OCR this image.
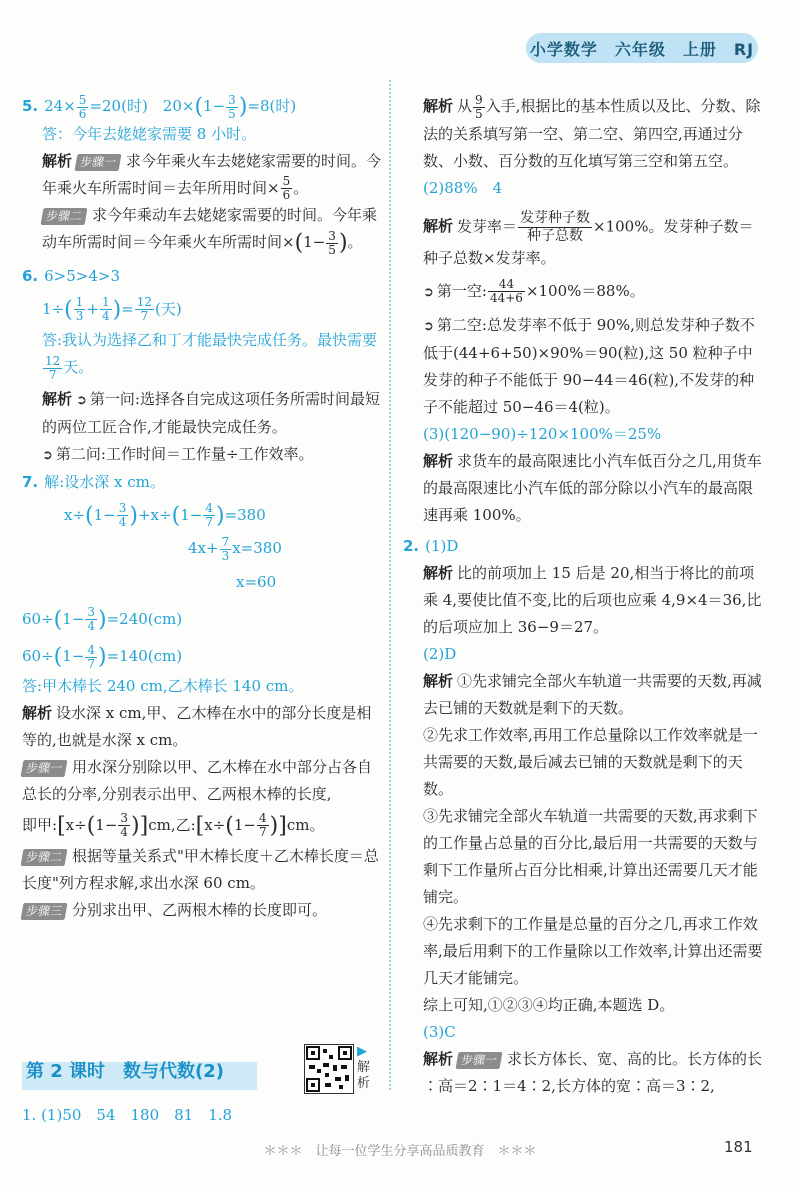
小学数学　六年级　上册　RJ

5. $24\times \frac{5}{6} =20$(时)　$20\times(1- \frac{3}{5} )=8$(时)

答：今年去姥姥家需要 8 小时。

解析 步骤一 求今年乘火车去姥姥家需要的时间。今年乘火车所需时间＝去年所用时间× $\frac{5}{6}$ 。

步骤二 求今年乘动车去姥姥家需要的时间。今年乘动车所需时间＝今年乘火车所需时间$\times(1- \frac{3}{5}$ )。

6. 6>5>4>3

$1\div( \frac{1}{3} + \frac{1}{4}$ )= $\frac{12}{7}$ (天)

答:我认为选择乙和丁才能最快完成任务。最快需要
$\frac{12}{7}$ 天。

解析 ➲ 第一问:选择各自完成这项任务所需时间最短的两位工匠合作,才能最快完成任务。

➲ 第二问:工作时间＝工作量÷工作效率。

7. 解:设水深 x cm。

$x\div(1- \frac{3}{4} )+x\div(1- \frac{4}{7} )=380$

$4x+ \frac{7}{3} x=380$

x=60

$60\div(1- \frac{3}{4} )=240(cm)$

$60\div(1- \frac{4}{7} )=140(cm)$

答:甲木棒长 240 cm,乙木棒长 140 cm。

解析 设水深 x cm,甲、乙木棒在水中的部分长度是相等的,也就是水深 x cm。

步骤一 用水深分别除以甲、乙木棒在水中部分占各自总长的分率,分别表示出甲、乙两根木棒的长度,

即甲:[x÷(1− $\frac{3}{4} )]cm$,乙:[x÷(1− $\frac{4}{7} )]cm$。

步骤二 根据等量关系式"甲木棒长度＋乙木棒长度＝总长度"列方程求解,求出水深 60 cm。

步骤三 分别求出甲、乙两根木棒的长度即可。

第 2 课时　数与代数(2)
▶解析
1. (1)50　54　180　81　1.8

解析 从 $\frac{9}{5}$ 入手,根据比的基本性质以及比、分数、除法的关系填写第一空、第二空、第四空,再通过分数、小数、百分数的互化填写第三空和第五空。

(2)88%　4

解析 发芽率＝ $\frac{\text{发芽种子数}}{\text{种子总数}} \times 100\%$。发芽种子数＝种子总数×发芽率。

➲ 第一空: $\frac{44}{44+6} \times 100\%=88\%$。

➲ 第二空:总发芽率不低于 90%,则总发芽种子数不低于(44+6+50)×90%＝90(粒),这 50 粒种子中发芽的种子不能低于 90−44＝46(粒),不发芽的种子不能超过 50−46＝4(粒)。

(3)(120−90)÷120×100%＝25%

解析 求货车的最高限速比小汽车低百分之几,用货车的最高限速比小汽车低的部分除以小汽车的最高限速再乘 100%。

2. (1)D

解析 比的前项加上 15 后是 20,相当于将比的前项乘 4,要使比值不变,比的后项也应乘 4,9×4＝36,比的后项应加上 36−9＝27。

(2)D

解析 ①先求铺完全部火车轨道一共需要的天数,再减去已铺的天数就是剩下的天数。

②先求工作效率,再用工作总量除以工作效率就是一共需要的天数,最后减去已铺的天数就是剩下的天数。

③先求铺完全部火车轨道一共需要的天数,再求剩下的工作量占总量的百分比,最后用一共需要的天数与剩下工作量所占百分比相乘,计算出还需要几天才能铺完。

④先求剩下的工作量是总量的百分之几,再求工作效率,最后用剩下的工作量除以工作效率,计算出还需要几天才能铺完。

综上可知,①②③④均正确,本题选 D。

(3)C

解析 步骤一 求长方体长、宽、高的比。长方体的长∶高＝2∶1＝4∶2,长方体的宽∶高＝3∶2,

＊＊＊　让每一位学生分享高品质教育　＊＊＊	181
